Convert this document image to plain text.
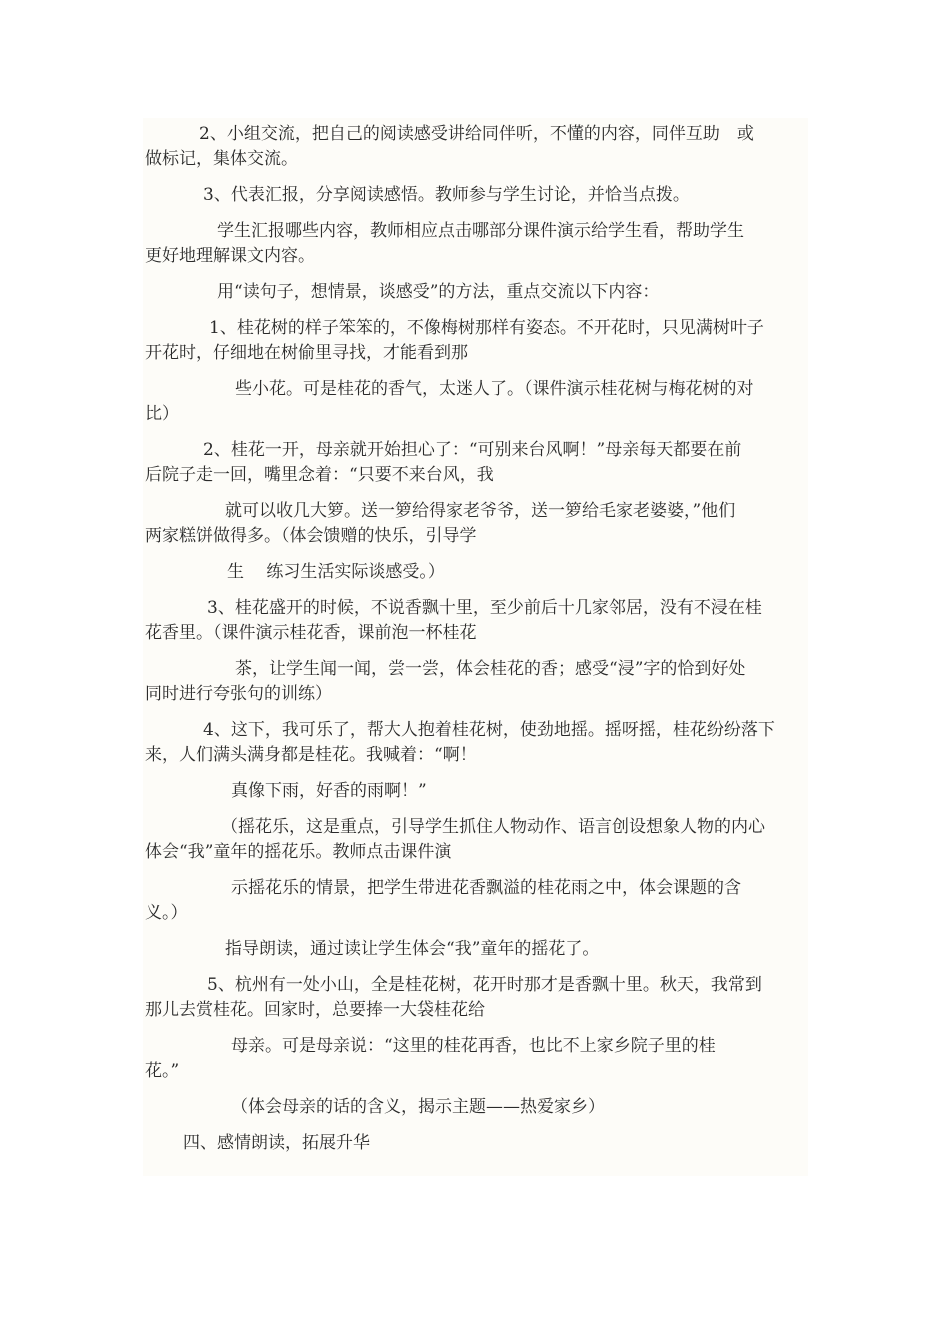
2、小组交流，把自己的阅读感受讲给同伴听，不懂的内容，同伴互助　或
做标记，集体交流。
3、代表汇报，分享阅读感悟。教师参与学生讨论，并恰当点拨。
学生汇报哪些内容，教师相应点击哪部分课件演示给学生看，帮助学生
更好地理解课文内容。
用“读句子，想情景，谈感受”的方法，重点交流以下内容：
1、桂花树的样子笨笨的，不像梅树那样有姿态。不开花时，只见满树叶子
开花时，仔细地在树偷里寻找，才能看到那
些小花。可是桂花的香气，太迷人了。（课件演示桂花树与梅花树的对
比）
2、桂花一开，母亲就开始担心了：“可别来台风啊！”母亲每天都要在前
后院子走一回，嘴里念着：“只要不来台风，我
就可以收几大箩。送一箩给得家老爷爷，送一箩给毛家老婆婆，”他们
两家糕饼做得多。（体会馈赠的快乐，引导学
生　 练习生活实际谈感受。）
3、桂花盛开的时候，不说香飘十里，至少前后十几家邻居，没有不浸在桂
花香里。（课件演示桂花香，课前泡一杯桂花
茶，让学生闻一闻，尝一尝，体会桂花的香；感受“浸”字的恰到好处
同时进行夸张句的训练）
4、这下，我可乐了，帮大人抱着桂花树，使劲地摇。摇呀摇，桂花纷纷落下
来，人们满头满身都是桂花。我喊着：“啊！
真像下雨，好香的雨啊！”
（摇花乐，这是重点，引导学生抓住人物动作、语言创设想象人物的内心
体会“我”童年的摇花乐。教师点击课件演
示摇花乐的情景，把学生带进花香飘溢的桂花雨之中，体会课题的含
义。）
指导朗读，通过读让学生体会“我”童年的摇花了。
5、杭州有一处小山，全是桂花树，花开时那才是香飘十里。秋天，我常到
那儿去赏桂花。回家时，总要捧一大袋桂花给
母亲。可是母亲说：“这里的桂花再香，也比不上家乡院子里的桂
花。”
（体会母亲的话的含义，揭示主题——热爱家乡）
四、感情朗读，拓展升华
